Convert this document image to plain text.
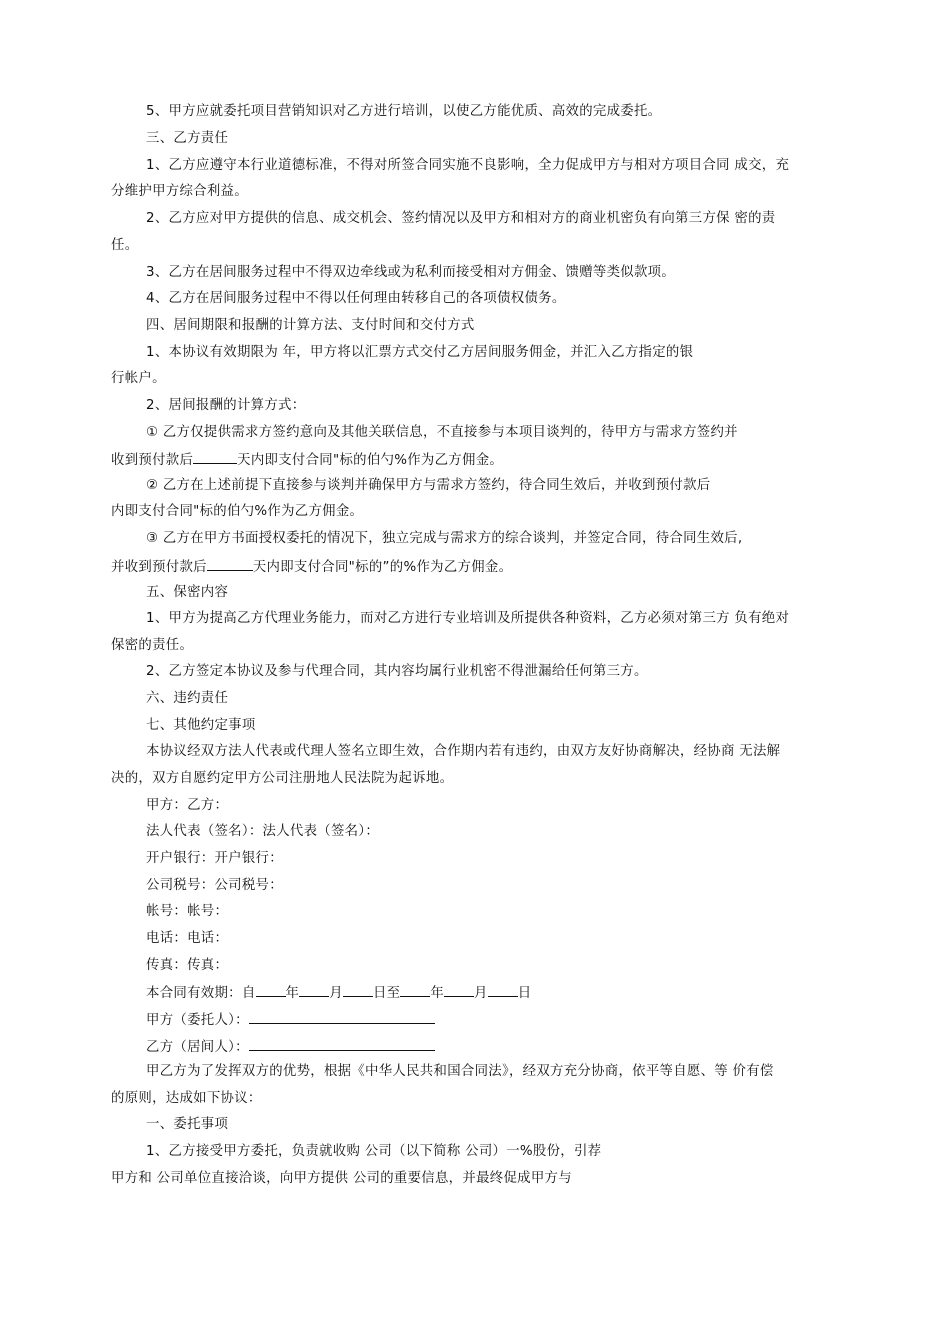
5、甲方应就委托项目营销知识对乙方进行培训，以使乙方能优质、高效的完成委托。
三、乙方责任
1、乙方应遵守本行业道德标准，不得对所签合同实施不良影响，全力促成甲方与相对方项目合同 成交，充
分维护甲方综合利益。
2、乙方应对甲方提供的信息、成交机会、签约情况以及甲方和相对方的商业机密负有向第三方保 密的责
任。
3、乙方在居间服务过程中不得双边牵线或为私利而接受相对方佣金、馈赠等类似款项。
4、乙方在居间服务过程中不得以任何理由转移自己的各项债权债务。
四、居间期限和报酬的计算方法、支付时间和交付方式
1、本协议有效期限为 年，甲方将以汇票方式交付乙方居间服务佣金，并汇入乙方指定的银
行帐户。
2、居间报酬的计算方式：
① 乙方仅提供需求方签约意向及其他关联信息，不直接参与本项目谈判的，待甲方与需求方签约并
收到预付款后	天内即支付合同"标的伯勺%作为乙方佣金。
② 乙方在上述前提下直接参与谈判并确保甲方与需求方签约，待合同生效后，并收到预付款后
内即支付合同"标的伯勺%作为乙方佣金。
③ 乙方在甲方书面授权委托的情况下，独立完成与需求方的综合谈判，并签定合同，待合同生效后,
并收到预付款后	天内即支付合同"标的”的%作为乙方佣金。
五、保密内容
1、甲方为提高乙方代理业务能力，而对乙方进行专业培训及所提供各种资料，乙方必须对第三方 负有绝对
保密的责任。
2、乙方签定本协议及参与代理合同，其内容均属行业机密不得泄漏给任何第三方。
六、违约责任
七、其他约定事项
本协议经双方法人代表或代理人签名立即生效，合作期内若有违约，由双方友好协商解决，经协商 无法解
决的，双方自愿约定甲方公司注册地人民法院为起诉地。
甲方：乙方：
法人代表（签名）：法人代表（签名）：
开户银行：开户银行：
公司税号：公司税号：
帐号：帐号：
电话：电话：
传真：传真：
本合同有效期：自 年 月 日至 年 月 日
甲方（委托人）：
乙方（居间人）：
甲乙方为了发挥双方的优势，根据《中华人民共和国合同法》，经双方充分协商，依平等自愿、等 价有偿
的原则，达成如下协议：
一、委托事项
1、乙方接受甲方委托，负责就收购 公司（以下简称 公司）一%股份，引荐
甲方和 公司单位直接洽谈，向甲方提供 公司的重要信息，并最终促成甲方与
